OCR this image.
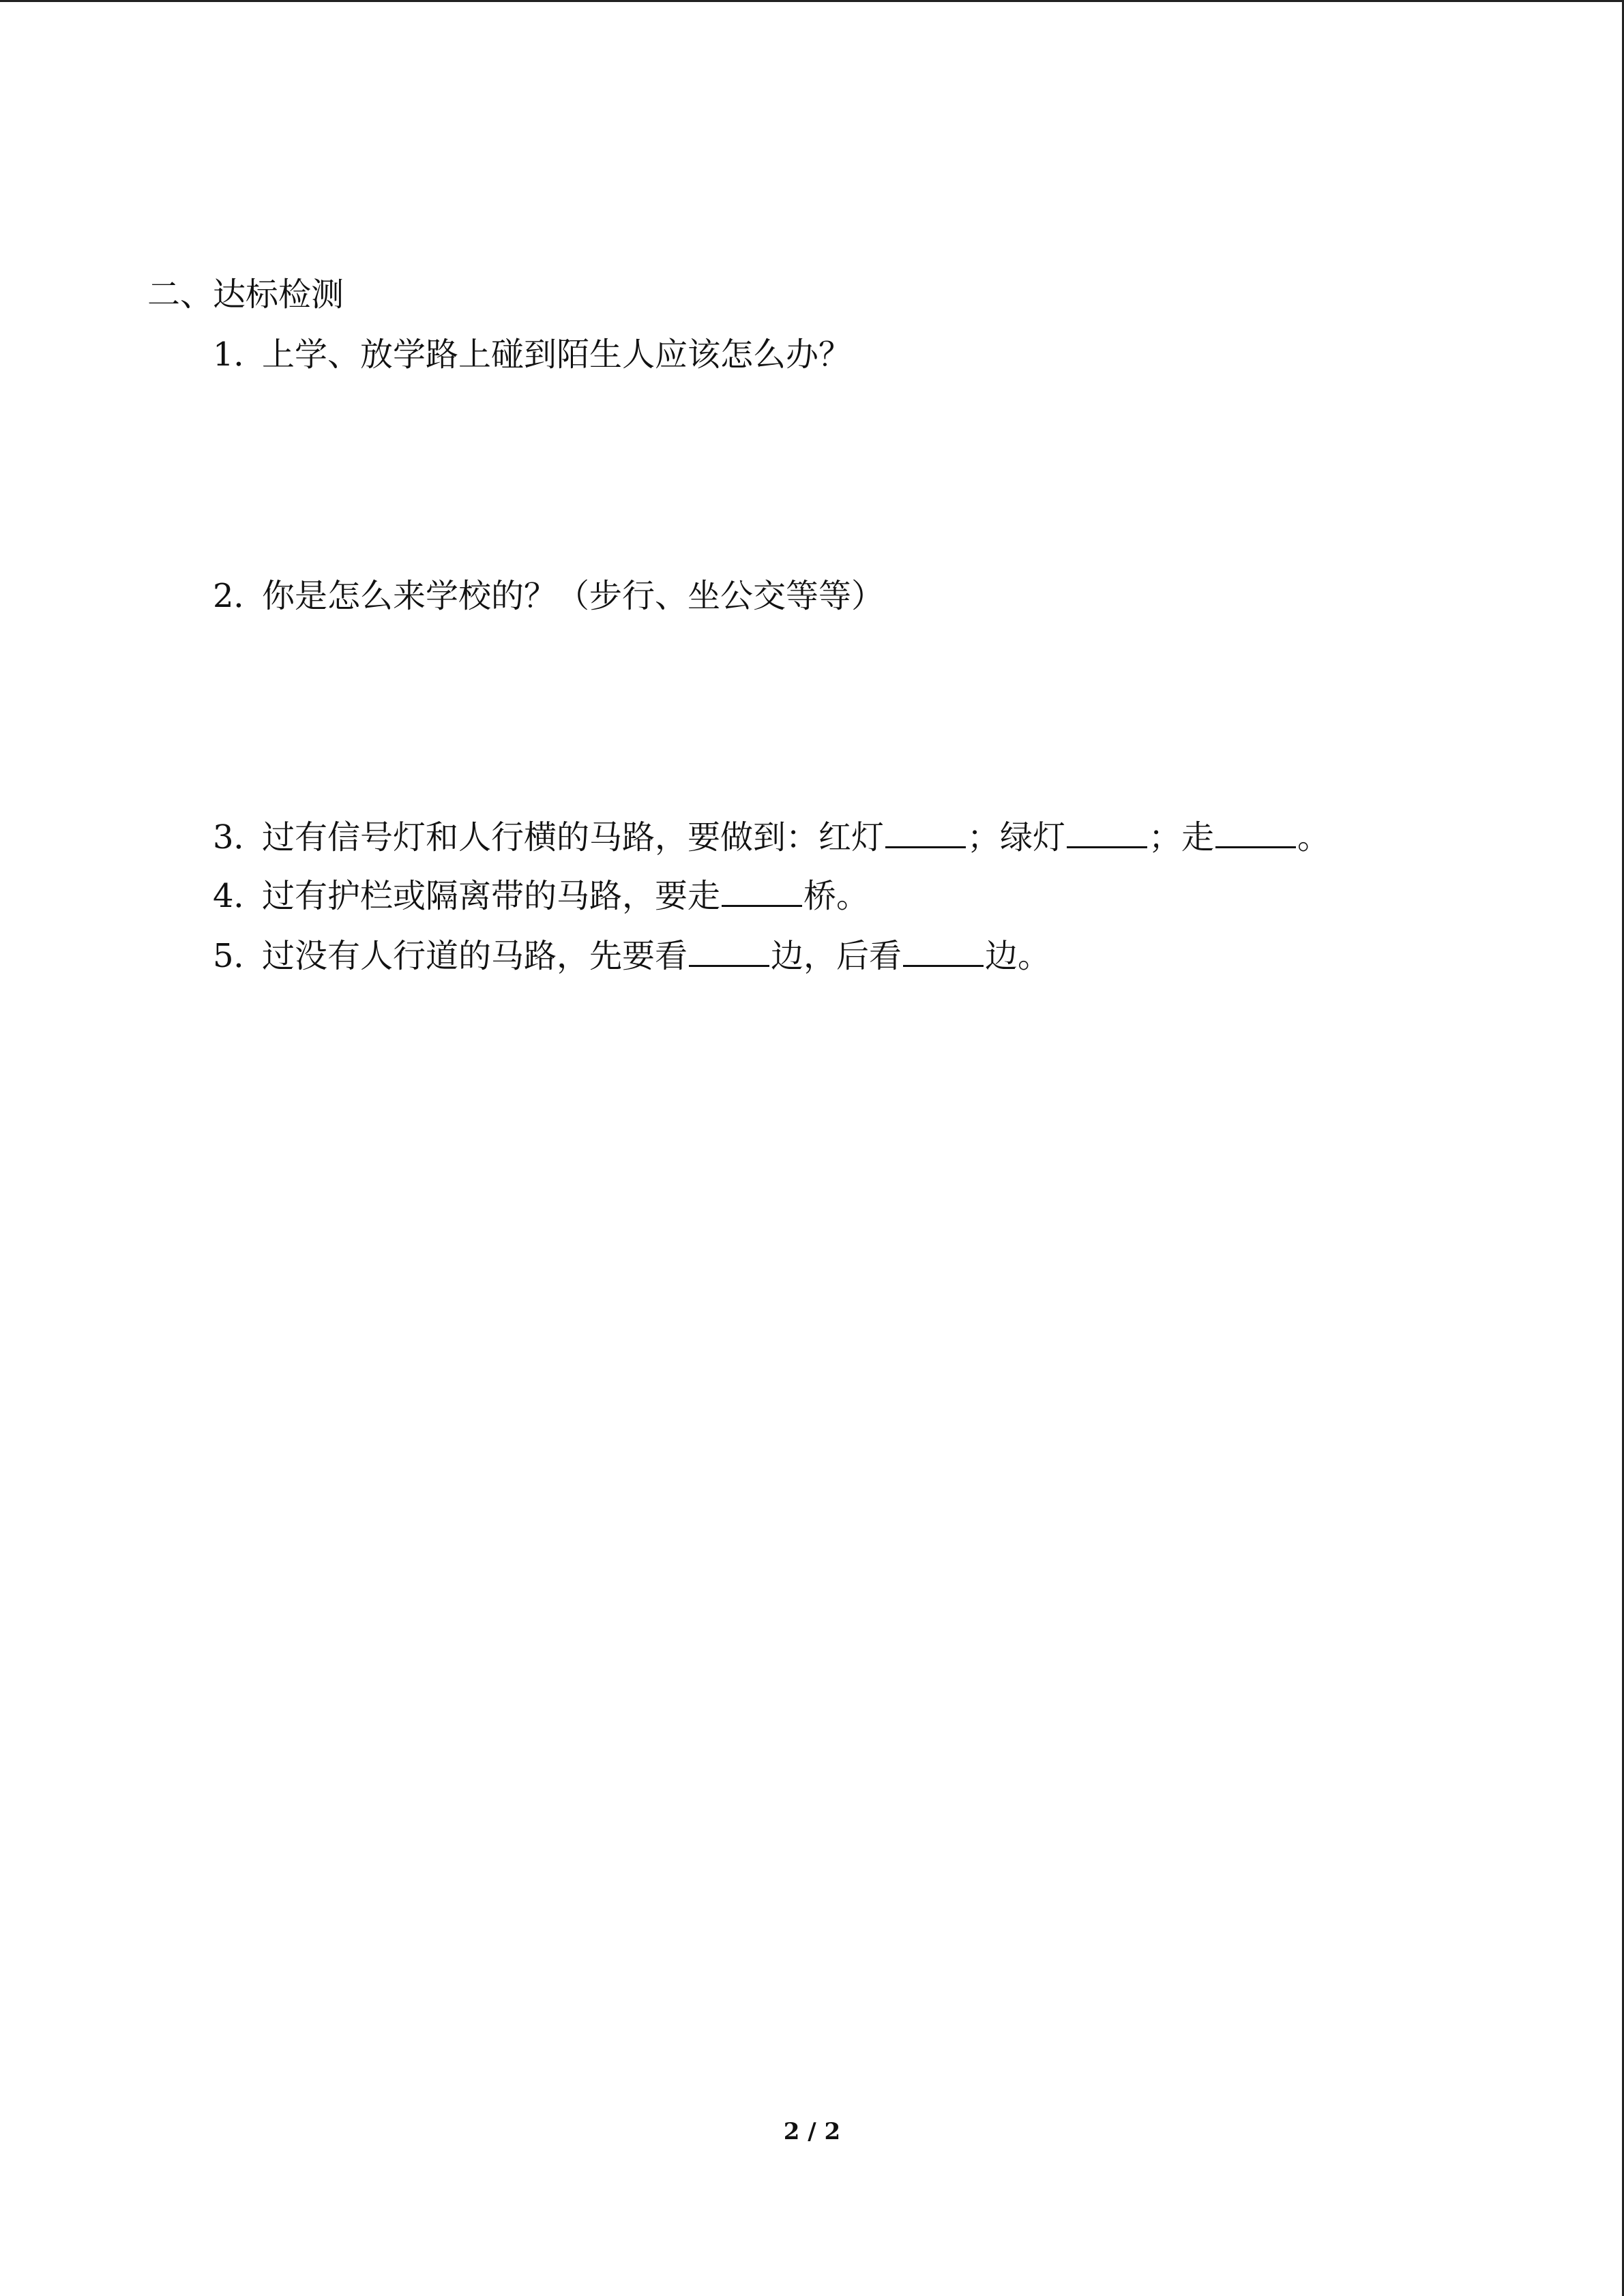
二、达标检测
1．上学、放学路上碰到陌生人应该怎么办？
2．你是怎么来学校的？（步行、坐公交等等）
3．过有信号灯和人行横的马路，要做到：红灯	；绿灯	；走	。
4．过有护栏或隔离带的马路，要走	桥。
5．过没有人行道的马路，先要看	边，后看	边。
2 / 2
